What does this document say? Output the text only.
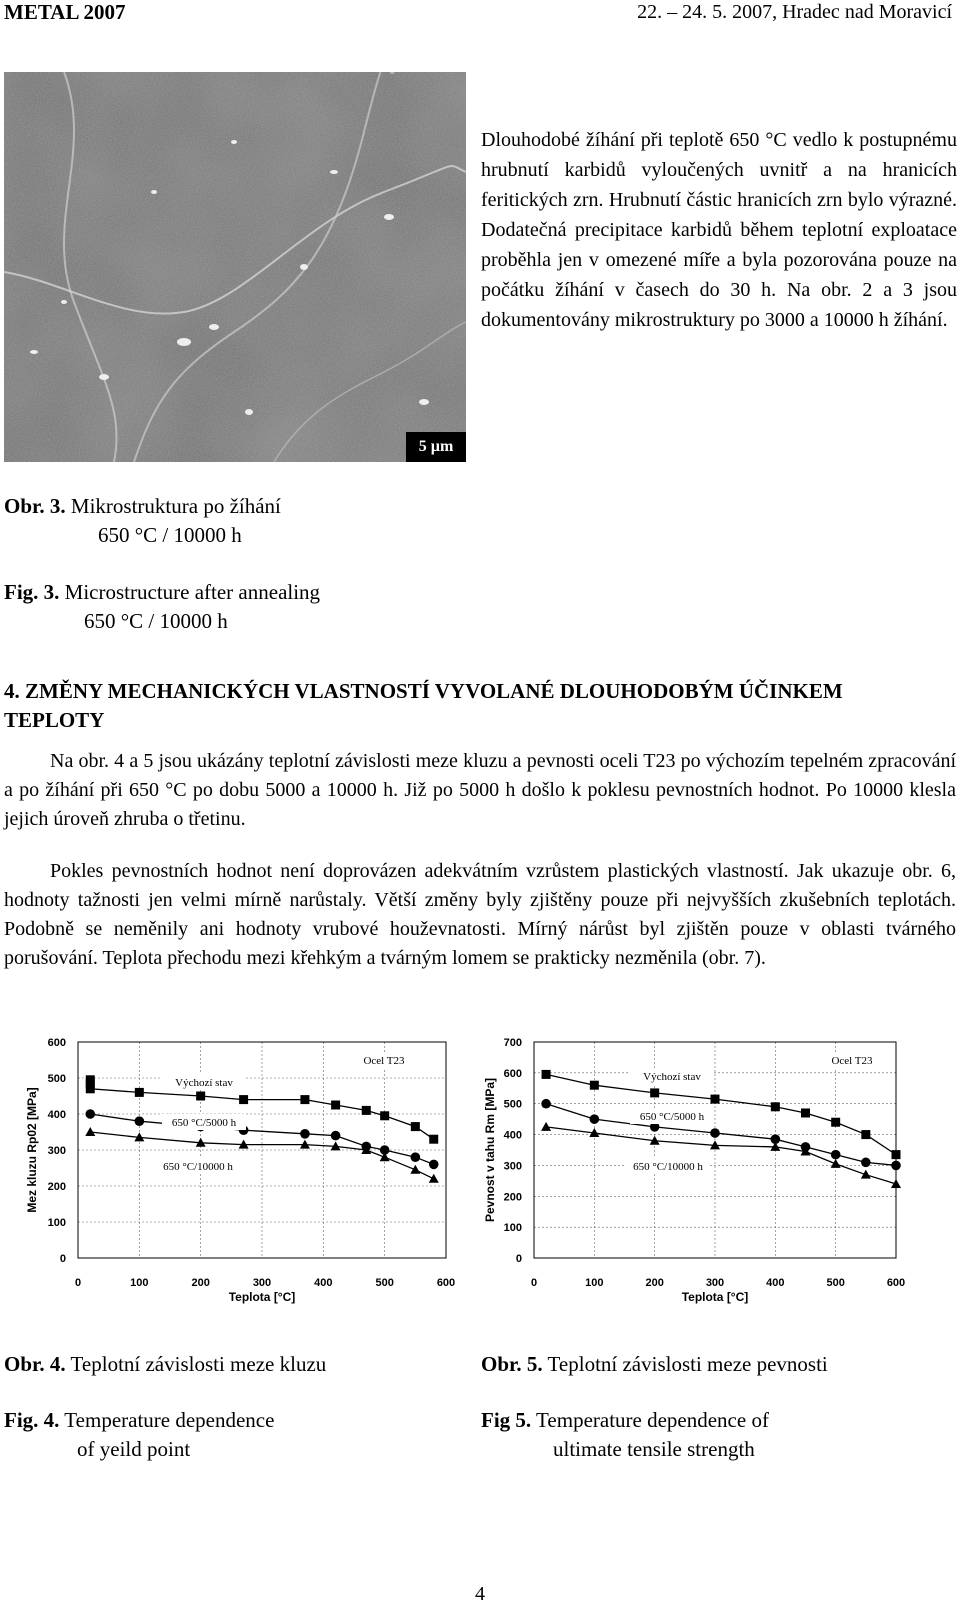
METAL 2007	22. – 24. 5. 2007, Hradec nad Moravicí
5 µm

Dlouhodobé žíhání při teplotě 650 °C vedlo k postupnému hrubnutí karbidů vyloučených uvnitř a na hranicích feritických zrn. Hrubnutí částic hranicích zrn bylo výrazné. Dodatečná precipitace karbidů během teplotní exploatace proběhla jen v omezené míře a byla pozorována pouze na počátku žíhání v časech do 30 h. Na obr. 2 a 3 jsou dokumentovány mikrostruktury po 3000 a 10000 h žíhání.

Obr. 3. Mikrostruktura po žíhání
650 °C / 10000 h
Fig. 3. Microstructure after annealing
650 °C / 10000 h
4. ZMĚNY MECHANICKÝCH VLASTNOSTÍ VYVOLANÉ DLOUHODOBÝM ÚČINKEM TEPLOTY

Na obr. 4 a 5 jsou ukázány teplotní závislosti meze kluzu a pevnosti oceli T23 po výchozím tepelném zpracování a po žíhání při 650 °C po dobu 5000 a 10000 h. Již po 5000 h došlo k poklesu pevnostních hodnot. Po 10000 klesla jejich úroveň zhruba o třetinu.

Pokles pevnostních hodnot není doprovázen adekvátním vzrůstem plastických vlastností. Jak ukazuje obr. 6, hodnoty tažnosti jen velmi mírně narůstaly. Větší změny byly zjištěny pouze při nejvyšších zkušebních teplotách. Podobně se neměnily ani hodnoty vrubové houževnatosti. Mírný nárůst byl zjištěn pouze v oblasti tvárného porušování. Teplota přechodu mezi křehkým a tvárným lomem se prakticky nezměnila (obr. 7).

0
100
200
300
400
500
600
0	100	200	300	400	500	600
Teplota [°C]
Mez kluzu Rp02 [MPa]
Ocel T23
Výchozí stav
650 °C/5000 h
650 °C/10000 h
0
100
200
300
400
500
600
700
0	100	200	300	400	500	600
Teplota [°C]
Pevnost v tahu Rm [MPa]
Ocel T23
Výchozí stav
650 °C/5000 h
650 °C/10000 h
Obr. 4. Teplotní závislosti meze kluzu
Fig. 4. Temperature dependence
of yeild point
Obr. 5. Teplotní závislosti meze pevnosti
Fig 5. Temperature dependence of
ultimate tensile strength
4
